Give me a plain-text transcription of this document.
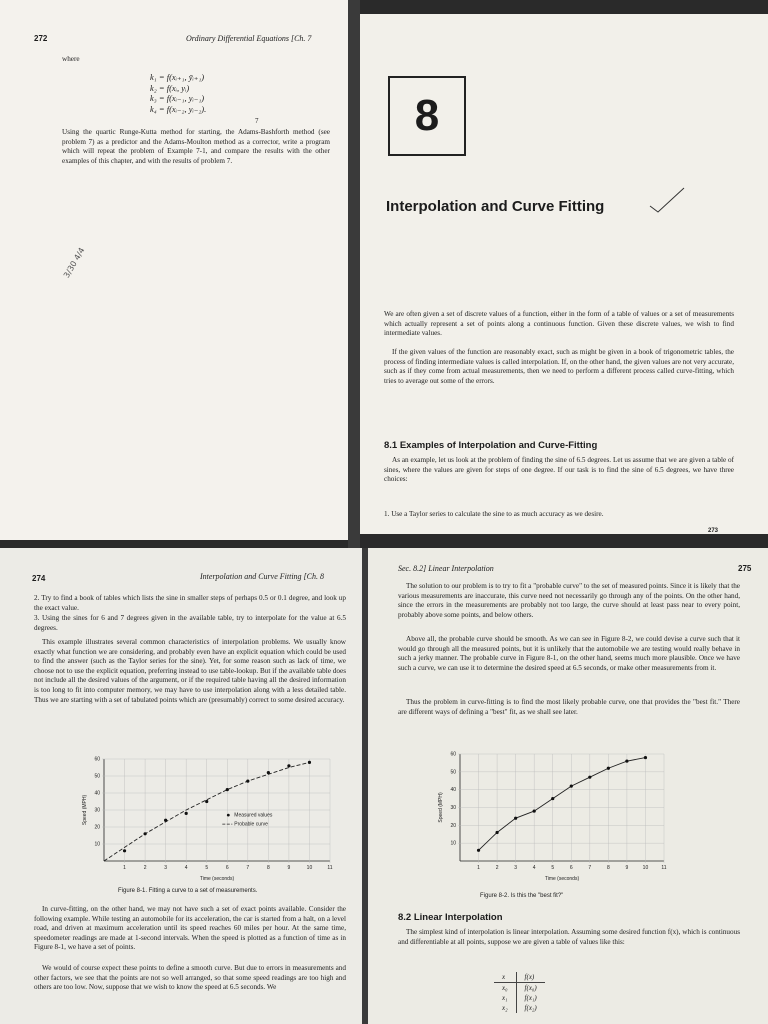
272	Ordinary Differential Equations [Ch. 7

where

k₁ = f(xᵢ₊₁, ȳᵢ₊₁)
k₂ = f(xᵢ, yᵢ)
k₃ = f(xᵢ₋₁, yᵢ₋₁)
k₄ = f(xᵢ₋₂, yᵢ₋₂).

7

Using the quartic Runge-Kutta method for starting, the Adams-Bashforth method (see problem 7) as a predictor and the Adams-Moulton method as a corrector, write a program which will repeat the problem of Example 7-1, and compare the results with the other examples of this chapter, and with the results of problem 7.

3/30 4/4

8

Interpolation and Curve Fitting

We are often given a set of discrete values of a function, either in the form of a table of values or a set of measurements which actually represent a set of points along a continuous function. Given these discrete values, we wish to find intermediate values.

If the given values of the function are reasonably exact, such as might be given in a book of trigonometric tables, the process of finding intermediate values is called interpolation. If, on the other hand, the given values are not very accurate, such as if they come from actual measurements, then we need to perform a different process called curve-fitting, which tries to average out some of the errors.

8.1 Examples of Interpolation and Curve-Fitting

As an example, let us look at the problem of finding the sine of 6.5 degrees. Let us assume that we are given a table of sines, where the values are given for steps of one degree. If our task is to find the sine of 6.5 degrees, we have three choices:

1. Use a Taylor series to calculate the sine to as much accuracy as we desire.

273

274	Interpolation and Curve Fitting [Ch. 8

2. Try to find a book of tables which lists the sine in smaller steps of perhaps 0.5 or 0.1 degree, and look up the exact value.

3. Using the sines for 6 and 7 degrees given in the available table, try to interpolate for the value at 6.5 degrees.

This example illustrates several common characteristics of interpolation problems. We usually know exactly what function we are considering, and probably even have an explicit equation which could be used to find the answer (such as the Taylor series for the sine). Yet, for some reason such as lack of time, we choose not to use the explicit equation, preferring instead to use table-lookup. But if the available table does not include all the desired values of the argument, or if the required table having all the desired information is too long to fit into computer memory, we may have to use interpolation along with a less detailed table. Thus we are starting with a set of tabulated points which are (presumably) correct to some desired accuracy.

10
20
30
40
50
60
1	2	3	4	5	6	7	8	9	10	11
Time (seconds)
Speed (MPH)	Measured values
Probable curve

Figure 8-1. Fitting a curve to a set of measurements.

In curve-fitting, on the other hand, we may not have such a set of exact points available. Consider the following example. While testing an automobile for its acceleration, the car is started from a halt, on a level road, and driven at maximum acceleration until its speed reaches 60 miles per hour. At the same time, speedometer readings are made at 1-second intervals. When the speed is plotted as a function of time as in Figure 8-1, we have a set of points.

We would of course expect these points to define a smooth curve. But due to errors in measurements and other factors, we see that the points are not so well arranged, so that some speed readings are too high and others are too low. Now, suppose that we wish to know the speed at 6.5 seconds. We

Sec. 8.2] Linear Interpolation	275

The solution to our problem is to try to fit a "probable curve" to the set of measured points. Since it is likely that the various measurements are inaccurate, this curve need not necessarily go through any of the points. On the other hand, since the errors in the measurements are probably not too large, the curve should at least pass near to every point, probably above some points, and below others.

Above all, the probable curve should be smooth. As we can see in Figure 8-2, we could devise a curve such that it would go through all the measured points, but it is unlikely that the automobile we are testing would really behave in such a jerky manner. The probable curve in Figure 8-1, on the other hand, seems much more plausible. Once we have such a curve, we can use it to determine the desired speed at 6.5 seconds, or make other measurements from it.

Thus the problem in curve-fitting is to find the most likely probable curve, one that provides the "best fit." There are different ways of defining a "best" fit, as we shall see later.

10
20
30
40
50
60
1	2	3	4	5	6	7	8	9	10	11
Time (seconds)
Speed (MPH)

Figure 8-2. Is this the "best fit?"

8.2 Linear Interpolation

The simplest kind of interpolation is linear interpolation. Assuming some desired function f(x), which is continuous and differentiable at all points, suppose we are given a table of values like this:

x	f(x)
x₀	f(x₀)
x₁	f(x₁)
x₂	f(x₂)
